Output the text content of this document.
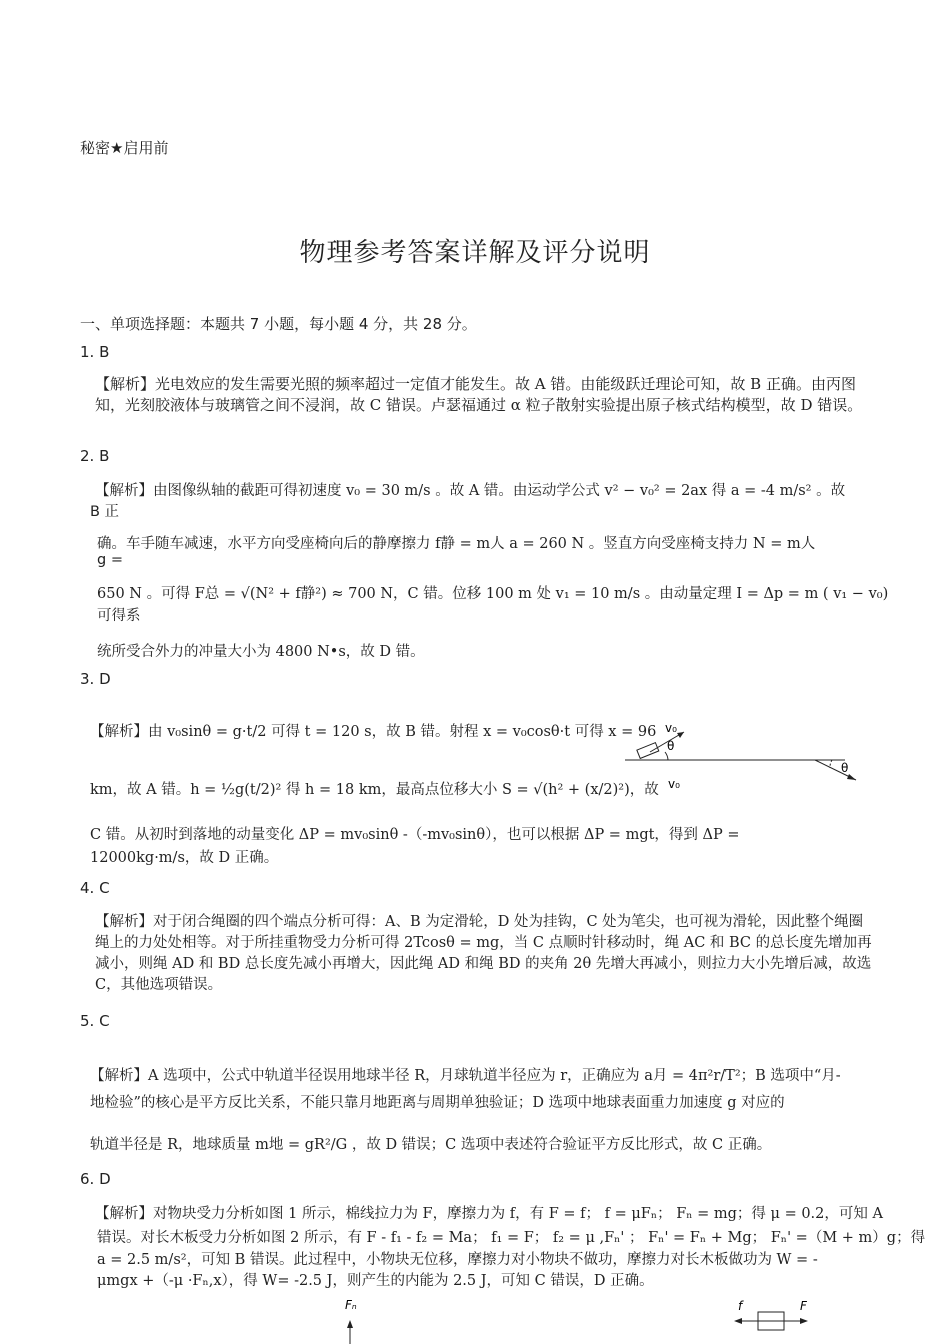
秘密★启用前
物理参考答案详解及评分说明
一、单项选择题：本题共 7 小题，每小题 4 分，共 28 分。
1. B
【解析】光电效应的发生需要光照的频率超过一定值才能发生。故 A 错。由能级跃迁理论可知，故 B 正确。由丙图知，光刻胶液体与玻璃管之间不浸润，故 C 错误。卢瑟福通过 α 粒子散射实验提出原子核式结构模型，故 D 错误。
2. B
【解析】由图像纵轴的截距可得初速度 v₀ = 30 m/s 。故 A 错。由运动学公式 v² − v₀² = 2ax 得 a = -4 m/s² 。故
B 正
确。车手随车减速，水平方向受座椅向后的静摩擦力 f静 = m人 a = 260 N 。竖直方向受座椅支持力 N = m人
g =
650 N 。可得 F总 = √(N² + f静²) ≈ 700 N，C 错。位移 100 m 处 v₁ = 10 m/s 。由动量定理 I = Δp = m ( v₁ − v₀)
可得系
统所受合外力的冲量大小为 4800 N•s，故 D 错。
3. D
【解析】由 v₀sinθ = g·t/2 可得 t = 120 s，故 B 错。射程 x = v₀cosθ·t 可得 x = 96
km，故 A 错。h = ½g(t/2)² 得 h = 18 km，最高点位移大小 S = √(h² + (x/2)²)，故
C 错。从初时到落地的动量变化 ΔP = mv₀sinθ -（-mv₀sinθ），也可以根据 ΔP = mgt，得到 ΔP =
12000kg·m/s，故 D 正确。
v₀
θ
θ
v₀
4. C
【解析】对于闭合绳圈的四个端点分析可得：A、B 为定滑轮，D 处为挂钩，C 处为笔尖，也可视为滑轮，因此整个绳圈绳上的力处处相等。对于所挂重物受力分析可得 2Tcosθ = mg，当 C 点顺时针移动时，绳 AC 和 BC 的总长度先增加再减小，则绳 AD 和 BD 总长度先减小再增大，因此绳 AD 和绳 BD 的夹角 2θ 先增大再减小，则拉力大小先增后减，故选 C，其他选项错误。
5. C
【解析】A 选项中，公式中轨道半径误用地球半径 R，月球轨道半径应为 r，正确应为 a月 = 4π²r/T²；B 选项中“月-
地检验”的核心是平方反比关系，不能只靠月地距离与周期单独验证；D 选项中地球表面重力加速度 g 对应的
轨道半径是 R，地球质量 m地 = gR²/G ，故 D 错误；C 选项中表述符合验证平方反比形式，故 C 正确。
6. D
【解析】对物块受力分析如图 1 所示，棉线拉力为 F，摩擦力为 f，有 F = f； f = μFₙ； Fₙ = mg；得 μ = 0.2，可知 A
错误。对长木板受力分析如图 2 所示，有 F - f₁ - f₂ = Ma； f₁ = F； f₂ = μ ,Fₙ' ； Fₙ' = Fₙ + Mg； Fₙ' =（M + m）g；得
a = 2.5 m/s²，可知 B 错误。此过程中，小物块无位移，摩擦力对小物块不做功，摩擦力对长木板做功为 W = -
μmgx +（-μ ·Fₙ,x），得 W= -2.5 J，则产生的内能为 2.5 J，可知 C 错误，D 正确。
Fₙ	f	F
